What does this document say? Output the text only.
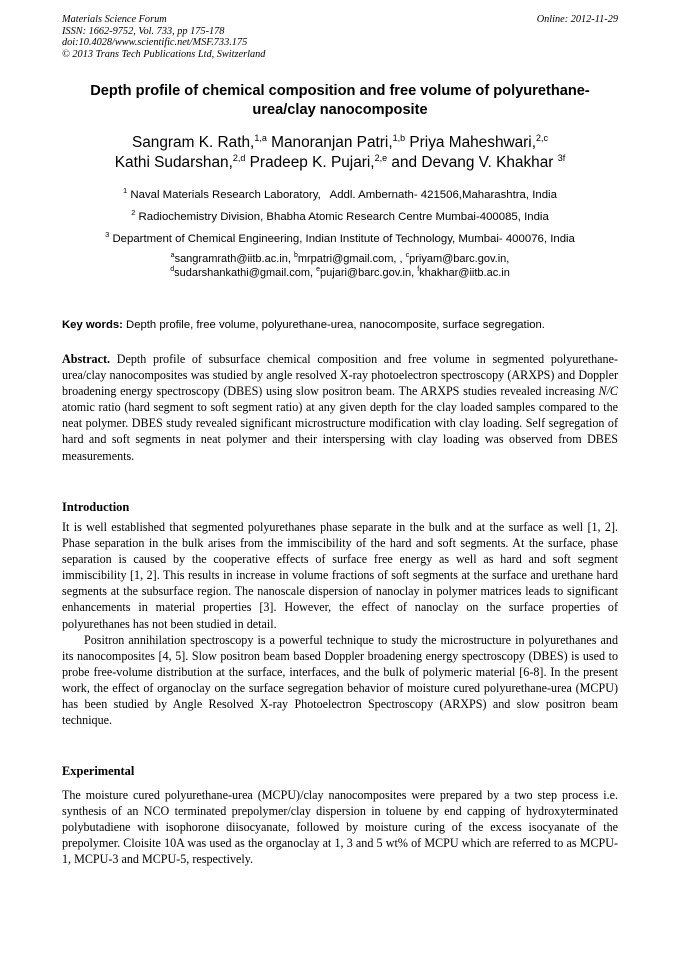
Materials Science Forum
ISSN: 1662-9752, Vol. 733, pp 175-178
doi:10.4028/www.scientific.net/MSF.733.175
© 2013 Trans Tech Publications Ltd, Switzerland
Online: 2012-11-29
Depth profile of chemical composition and free volume of polyurethane-urea/clay nanocomposite
Sangram K. Rath,$^{1,a}$ Manoranjan Patri,$^{1,b}$ Priya Maheshwari,$^{2,c}$
Kathi Sudarshan,$^{2,d}$ Pradeep K. Pujari,$^{2,e}$ and Devang V. Khakhar $^{3f}$
$^1$ Naval Materials Research Laboratory,   Addl. Ambernath- 421506,Maharashtra, India
$^2$ Radiochemistry Division, Bhabha Atomic Research Centre Mumbai-400085, India
$^3$ Department of Chemical Engineering, Indian Institute of Technology, Mumbai- 400076, India
$^a$sangramrath@iitb.ac.in, $^b$mrpatri@gmail.com, , $^c$priyam@barc.gov.in,
$^d$sudarshankathi@gmail.com, $^e$pujari@barc.gov.in, $^f$khakhar@iitb.ac.in
Key words: Depth profile, free volume, polyurethane-urea, nanocomposite, surface segregation.

Abstract. Depth profile of subsurface chemical composition and free volume in segmented polyurethane-urea/clay nanocomposites was studied by angle resolved X-ray photoelectron spectroscopy (ARXPS) and Doppler broadening energy spectroscopy (DBES) using slow positron beam. The ARXPS studies revealed increasing N/C atomic ratio (hard segment to soft segment ratio) at any given depth for the clay loaded samples compared to the neat polymer. DBES study revealed significant microstructure modification with clay loading. Self segregation of hard and soft segments in neat polymer and their interspersing with clay loading was observed from DBES measurements.

Introduction

It is well established that segmented polyurethanes phase separate in the bulk and at the surface as well [1, 2]. Phase separation in the bulk arises from the immiscibility of the hard and soft segments. At the surface, phase separation is caused by the cooperative effects of surface free energy as well as hard and soft segment immiscibility [1, 2]. This results in increase in volume fractions of soft segments at the surface and urethane hard segments at the subsurface region. The nanoscale dispersion of nanoclay in polymer matrices leads to significant enhancements in material properties [3]. However, the effect of nanoclay on the surface properties of polyurethanes has not been studied in detail.

Positron annihilation spectroscopy is a powerful technique to study the microstructure in polyurethanes and its nanocomposites [4, 5]. Slow positron beam based Doppler broadening energy spectroscopy (DBES) is used to probe free-volume distribution at the surface, interfaces, and the bulk of polymeric material [6-8]. In the present work, the effect of organoclay on the surface segregation behavior of moisture cured polyurethane-urea (MCPU) has been studied by Angle Resolved X-ray Photoelectron Spectroscopy (ARXPS) and slow positron beam technique.

Experimental

The moisture cured polyurethane-urea (MCPU)/clay nanocomposites were prepared by a two step process i.e. synthesis of an NCO terminated prepolymer/clay dispersion in toluene by end capping of hydroxyterminated polybutadiene with isophorone diisocyanate, followed by moisture curing of the excess isocyanate of the prepolymer. Cloisite 10A was used as the organoclay at 1, 3 and 5 wt% of MCPU which are referred to as MCPU-1, MCPU-3 and MCPU-5, respectively.
